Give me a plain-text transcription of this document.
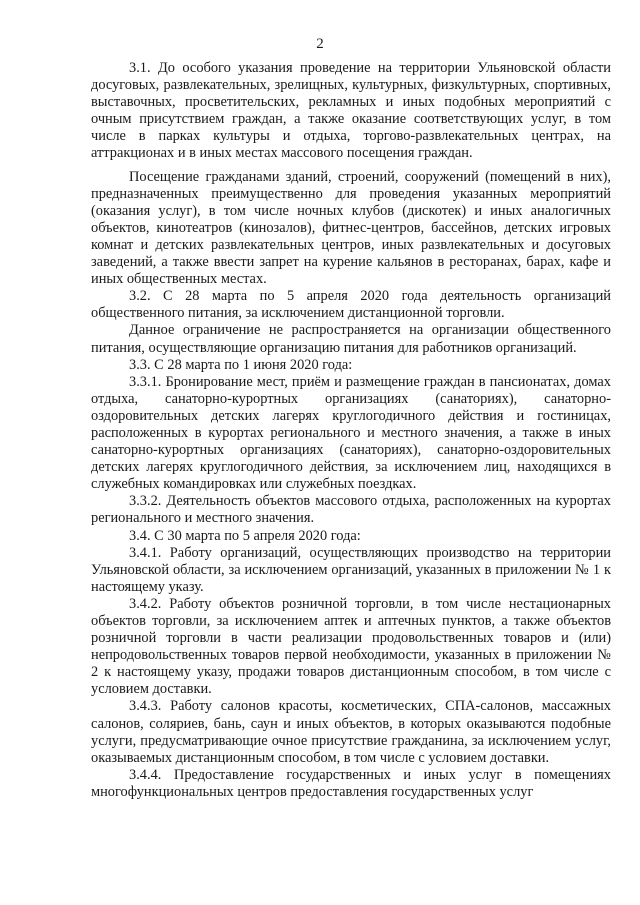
2

3.1. До особого указания проведение на территории Ульяновской области досуговых, развлекательных, зрелищных, культурных, физкультурных, спортивных, выставочных, просветительских, рекламных и иных подобных мероприятий с очным присутствием граждан, а также оказание соответствующих услуг, в том числе в парках культуры и отдыха, торгово-развлекательных центрах, на аттракционах и в иных местах массового посещения граждан.

Посещение гражданами зданий, строений, сооружений (помещений в них), предназначенных преимущественно для проведения указанных мероприятий (оказания услуг), в том числе ночных клубов (дискотек) и иных аналогичных объектов, кинотеатров (кинозалов), фитнес-центров, бассейнов, детских игровых комнат и детских развлекательных центров, иных развлекательных и досуговых заведений, а также ввести запрет на курение кальянов в ресторанах, барах, кафе и иных общественных местах.

3.2. С 28 марта по 5 апреля 2020 года деятельность организаций общественного питания, за исключением дистанционной торговли.

Данное ограничение не распространяется на организации общественного питания, осуществляющие организацию питания для работников организаций.

3.3. С 28 марта по 1 июня 2020 года:

3.3.1. Бронирование мест, приём и размещение граждан в пансионатах, домах отдыха, санаторно-курортных организациях (санаториях), санаторно-оздоровительных детских лагерях круглогодичного действия и гостиницах, расположенных в курортах регионального и местного значения, а также в иных санаторно-курортных организациях (санаториях), санаторно-оздоровительных детских лагерях круглогодичного действия, за исключением лиц, находящихся в служебных командировках или служебных поездках.

3.3.2. Деятельность объектов массового отдыха, расположенных на курортах регионального и местного значения.

3.4. С 30 марта по 5 апреля 2020 года:

3.4.1. Работу организаций, осуществляющих производство на территории Ульяновской области, за исключением организаций, указанных в приложении № 1 к настоящему указу.

3.4.2. Работу объектов розничной торговли, в том числе нестационарных объектов торговли, за исключением аптек и аптечных пунктов, а также объектов розничной торговли в части реализации продовольственных товаров и (или) непродовольственных товаров первой необходимости, указанных в приложении № 2 к настоящему указу, продажи товаров дистанционным способом, в том числе с условием доставки.

3.4.3. Работу салонов красоты, косметических, СПА-салонов, массажных салонов, соляриев, бань, саун и иных объектов, в которых оказываются подобные услуги, предусматривающие очное присутствие гражданина, за исключением услуг, оказываемых дистанционным способом, в том числе с условием доставки.

3.4.4. Предоставление государственных и иных услуг в помещениях многофункциональных центров предоставления государственных услуг
